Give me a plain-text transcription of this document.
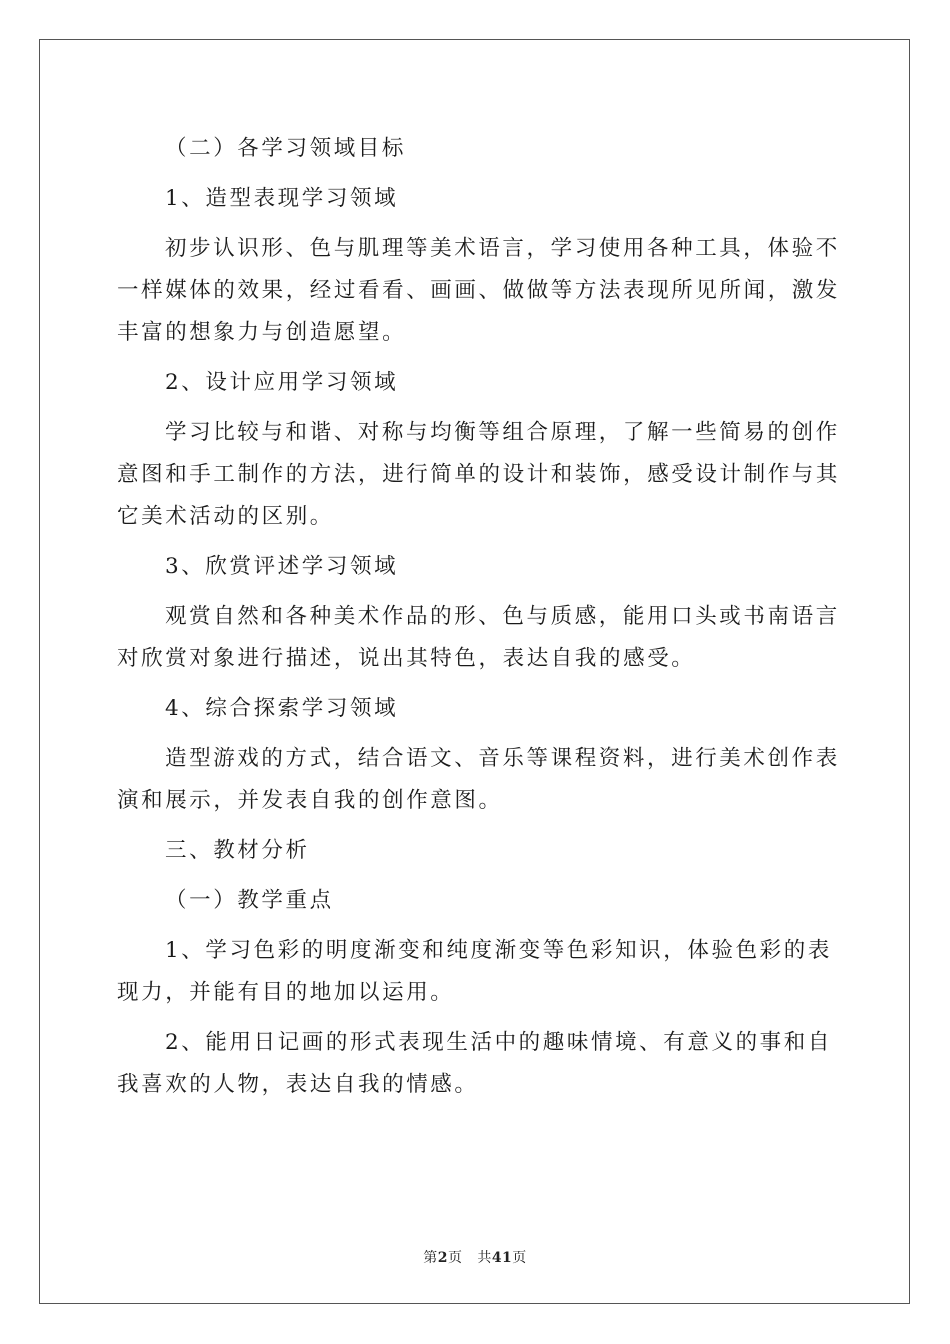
（二）各学习领域目标

1、造型表现学习领域

初步认识形、色与肌理等美术语言，学习使用各种工具，体验不

一样媒体的效果，经过看看、画画、做做等方法表现所见所闻，激发

丰富的想象力与创造愿望。

2、设计应用学习领域

学习比较与和谐、对称与均衡等组合原理，了解一些简易的创作

意图和手工制作的方法，进行简单的设计和装饰，感受设计制作与其

它美术活动的区别。

3、欣赏评述学习领域

观赏自然和各种美术作品的形、色与质感，能用口头或书南语言

对欣赏对象进行描述，说出其特色，表达自我的感受。

4、综合探索学习领域

造型游戏的方式，结合语文、音乐等课程资料，进行美术创作表

演和展示，并发表自我的创作意图。

三、教材分析

（一）教学重点

1、学习色彩的明度渐变和纯度渐变等色彩知识，体验色彩的表

现力，并能有目的地加以运用。

2、能用日记画的形式表现生活中的趣味情境、有意义的事和自

我喜欢的人物，表达自我的情感。

第2页 共41页
